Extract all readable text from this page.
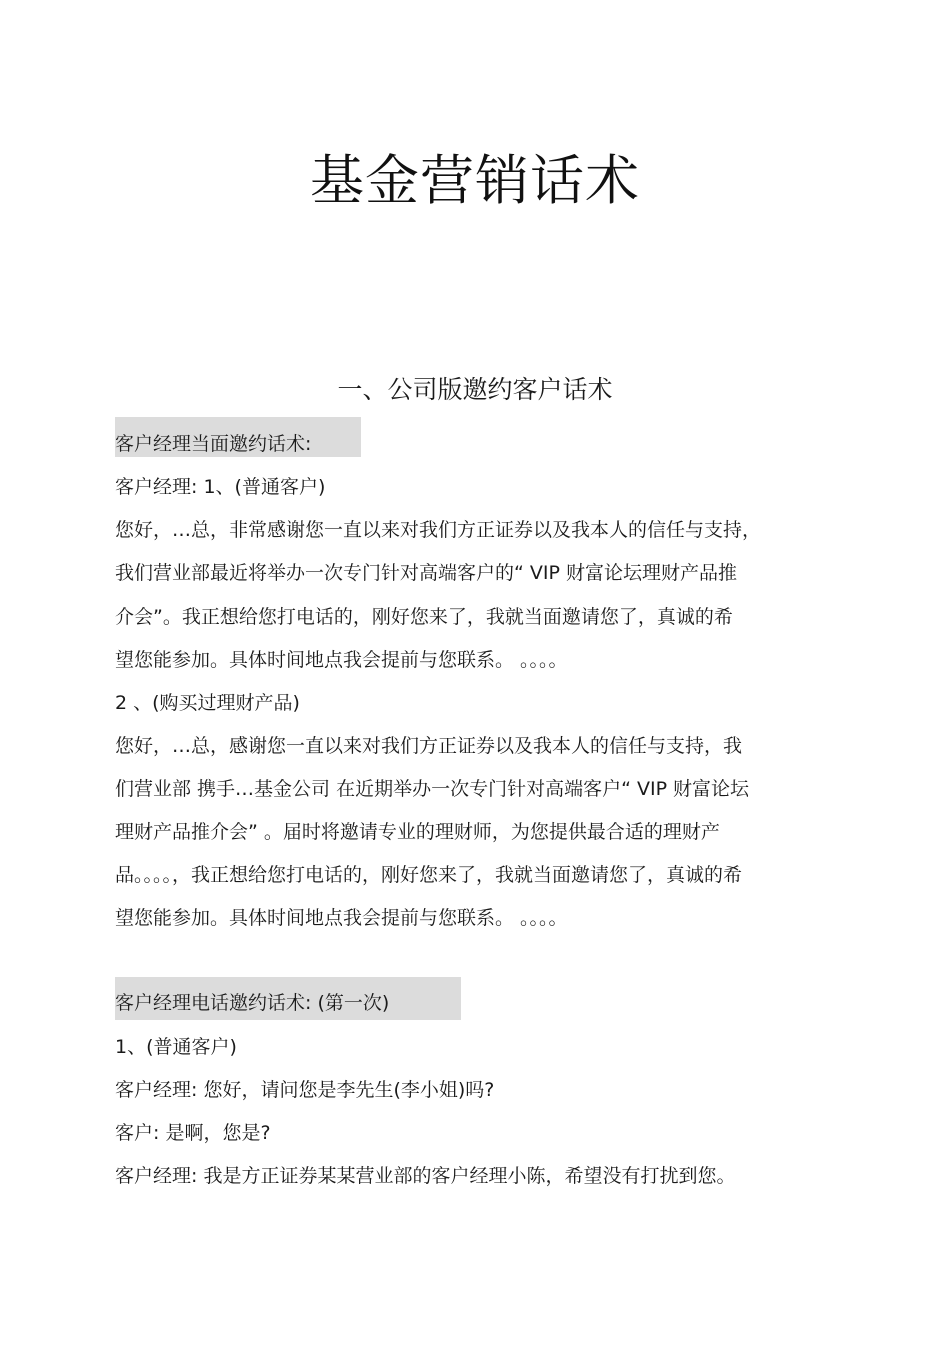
基金营销话术
一、公司版邀约客户话术
客户经理当面邀约话术:
客户经理: 1、(普通客户)
您好，…总，非常感谢您一直以来对我们方正证券以及我本人的信任与支持，
我们营业部最近将举办一次专门针对高端客户的“ VIP 财富论坛理财产品推
介会”。我正想给您打电话的，刚好您来了，我就当面邀请您了，真诚的希
望您能参加。具体时间地点我会提前与您联系。 。。。。
2 、(购买过理财产品)
您好，…总，感谢您一直以来对我们方正证券以及我本人的信任与支持，我
们营业部 携手…基金公司 在近期举办一次专门针对高端客户“ VIP 财富论坛
理财产品推介会” 。届时将邀请专业的理财师，为您提供最合适的理财产
品。。。。，我正想给您打电话的，刚好您来了，我就当面邀请您了，真诚的希
望您能参加。具体时间地点我会提前与您联系。 。。。。
客户经理电话邀约话术: (第一次)
1、(普通客户)
客户经理: 您好，请问您是李先生(李小姐)吗?
客户: 是啊，您是?
客户经理: 我是方正证券某某营业部的客户经理小陈，希望没有打扰到您。
